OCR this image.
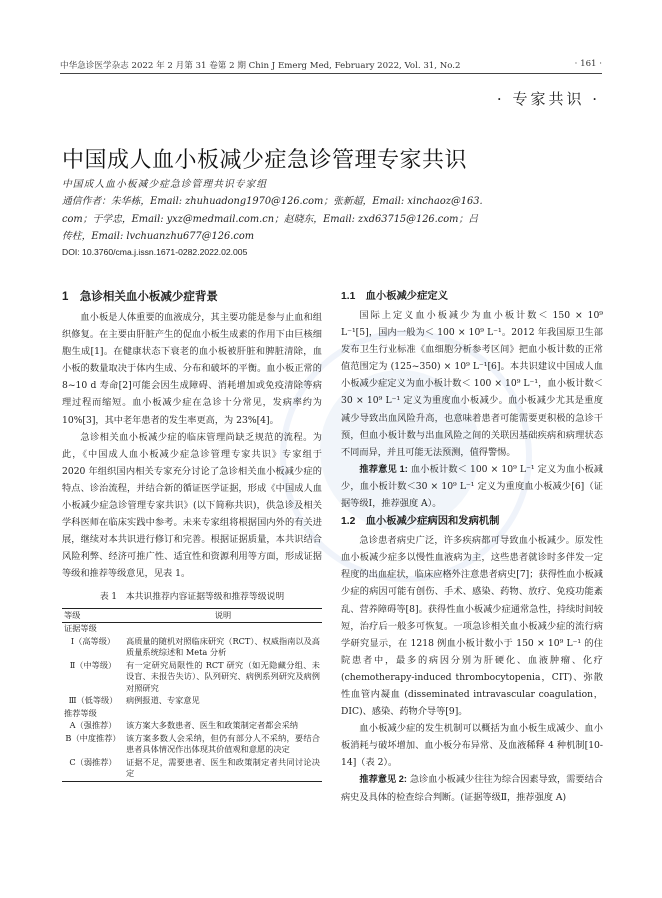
中华急诊医学杂志 2022 年 2 月第 31 卷第 2 期 Chin J Emerg Med, February 2022, Vol. 31, No.2	· 161 ·
· 专家共识 ·
中国成人血小板减少症急诊管理专家共识
中国成人血小板减少症急诊管理共识专家组
通信作者：朱华栋，Email: zhuhuadong1970@126.com；张新超，Email: xinchaoz@163.
com；于学忠，Email: yxz@medmail.com.cn；赵晓东，Email: zxd63715@126.com；吕
传柱，Email: lvchuanzhu677@126.com
DOI: 10.3760/cma.j.issn.1671-0282.2022.02.005
1　急诊相关血小板减少症背景

血小板是人体重要的血液成分，其主要功能是参与止血和组织修复。在主要由肝脏产生的促血小板生成素的作用下由巨核细胞生成[1]。在健康状态下衰老的血小板被肝脏和脾脏清除，血小板的数量取决于体内生成、分布和破坏的平衡。血小板正常的 8~10 d 寿命[2]可能会因生成障碍、消耗增加或免疫清除等病理过程而缩短。血小板减少症在急诊十分常见，发病率约为 10%[3]，其中老年患者的发生率更高，为 23%[4]。

急诊相关血小板减少症的临床管理尚缺乏规范的流程。为此，《中国成人血小板减少症急诊管理专家共识》专家组于 2020 年组织国内相关专家充分讨论了急诊相关血小板减少症的特点、诊治流程，并结合新的循证医学证据，形成《中国成人血小板减少症急诊管理专家共识》(以下简称共识)，供急诊及相关学科医师在临床实践中参考。未来专家组将根据国内外的有关进展，继续对本共识进行修订和完善。根据证据质量，本共识结合风险利弊、经济可推广性、适宜性和资源利用等方面，形成证据等级和推荐等级意见，见表 1。

表 1　本共识推荐内容证据等级和推荐等级说明
等级	说明
证据等级	
Ⅰ（高等级）	高质量的随机对照临床研究（RCT）、权威指南以及高质量系统综述和 Meta 分析
Ⅱ（中等级）	有一定研究局限性的 RCT 研究（如无隐藏分组、未设盲、未报告失访）、队列研究、病例系列研究及病例对照研究
Ⅲ（低等级）	病例报道、专家意见
推荐等级	
A（强推荐）	该方案大多数患者、医生和政策制定者都会采纳
B（中度推荐）	该方案多数人会采纳，但仍有部分人不采纳，要结合患者具体情况作出体现其价值观和意愿的决定
C（弱推荐）	证据不足，需要患者、医生和政策制定者共同讨论决定
1.1　血小板减少症定义

国际上定义血小板减少为血小板计数＜ 150 × 10⁹ L⁻¹[5]，国内一般为＜ 100 × 10⁹ L⁻¹。2012 年我国原卫生部发布卫生行业标准《血细胞分析参考区间》把血小板计数的正常值范围定为 (125~350) × 10⁹ L⁻¹[6]。本共识建议中国成人血小板减少症定义为血小板计数＜ 100 × 10⁹ L⁻¹，血小板计数＜30 × 10⁹ L⁻¹ 定义为重度血小板减少。血小板减少尤其是重度减少导致出血风险升高，也意味着患者可能需要更积极的急诊干预，但血小板计数与出血风险之间的关联因基础疾病和病理状态不同而异，并且可能无法预测，值得警惕。

推荐意见 1: 血小板计数＜ 100 × 10⁹ L⁻¹ 定义为血小板减少，血小板计数＜30 × 10⁹ L⁻¹ 定义为重度血小板减少[6]（证据等级Ⅰ，推荐强度 A）。

1.2　血小板减少症病因和发病机制

急诊患者病史广泛，许多疾病都可导致血小板减少。原发性血小板减少症多以慢性血液病为主，这些患者就诊时多伴发一定程度的出血症状，临床应格外注意患者病史[7]；获得性血小板减少症的病因可能有创伤、手术、感染、药物、放疗、免疫功能紊乱、营养障碍等[8]。获得性血小板减少症通常急性，持续时间较短，治疗后一般多可恢复。一项急诊相关血小板减少症的流行病学研究显示，在 1218 例血小板计数小于 150 × 10⁹ L⁻¹ 的住院患者中，最多的病因分别为肝硬化、血液肿瘤、化疗 (chemotherapy-induced thrombocytopenia，CIT)、弥散性血管内凝血 (disseminated intravascular coagulation，DIC)、感染、药物介导等[9]。

血小板减少症的发生机制可以概括为血小板生成减少、血小板消耗与破坏增加、血小板分布异常、及血液稀释 4 种机制[10-14]（表 2）。

推荐意见 2: 急诊血小板减少往往为综合因素导致，需要结合病史及具体的检查综合判断。(证据等级Ⅱ，推荐强度 A)
